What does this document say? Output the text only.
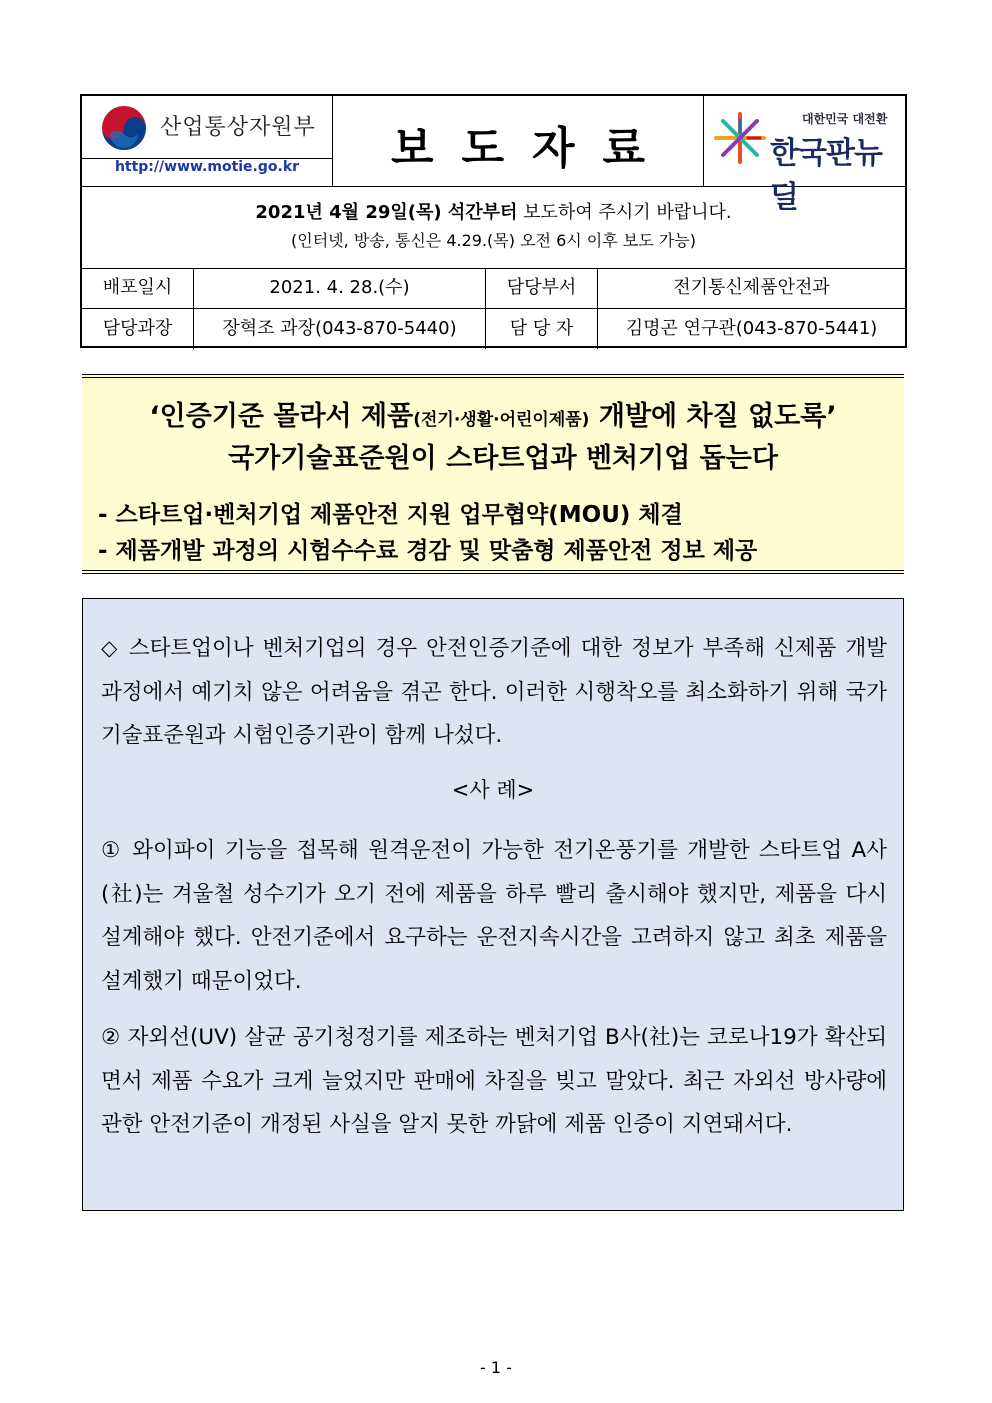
산업통상자원부
http://www.motie.go.kr	보도자료
대한민국 대전환
한국판뉴딜
2021년 4월 29일(목) 석간부터 보도하여 주시기 바랍니다.
(인터넷, 방송, 통신은 4.29.(목) 오전 6시 이후 보도 가능)
배포일시	2021. 4. 28.(수)	담당부서	전기통신제품안전과
담당과장	장혁조 과장(043-870-5440)	담 당 자	김명곤 연구관(043-870-5441)
‘인증기준 몰라서 제품(전기·생활·어린이제품) 개발에 차질 없도록’
국가기술표준원이 스타트업과 벤처기업 돕는다
- 스타트업·벤처기업 제품안전 지원 업무협약(MOU) 체결
- 제품개발 과정의 시험수수료 경감 및 맞춤형 제품안전 정보 제공
◇ 스타트업이나 벤처기업의 경우 안전인증기준에 대한 정보가 부족해 신제품 개발 과정에서 예기치 않은 어려움을 겪곤 한다. 이러한 시행착오를 최소화하기 위해 국가기술표준원과 시험인증기관이 함께 나섰다.
<사 례>
① 와이파이 기능을 접목해 원격운전이 가능한 전기온풍기를 개발한 스타트업 A사(社)는 겨울철 성수기가 오기 전에 제품을 하루 빨리 출시해야 했지만, 제품을 다시 설계해야 했다. 안전기준에서 요구하는 운전지속시간을 고려하지 않고 최초 제품을 설계했기 때문이었다.
② 자외선(UV) 살균 공기청정기를 제조하는 벤처기업 B사(社)는 코로나19가 확산되면서 제품 수요가 크게 늘었지만 판매에 차질을 빚고 말았다. 최근 자외선 방사량에 관한 안전기준이 개정된 사실을 알지 못한 까닭에 제품 인증이 지연돼서다.
- 1 -
